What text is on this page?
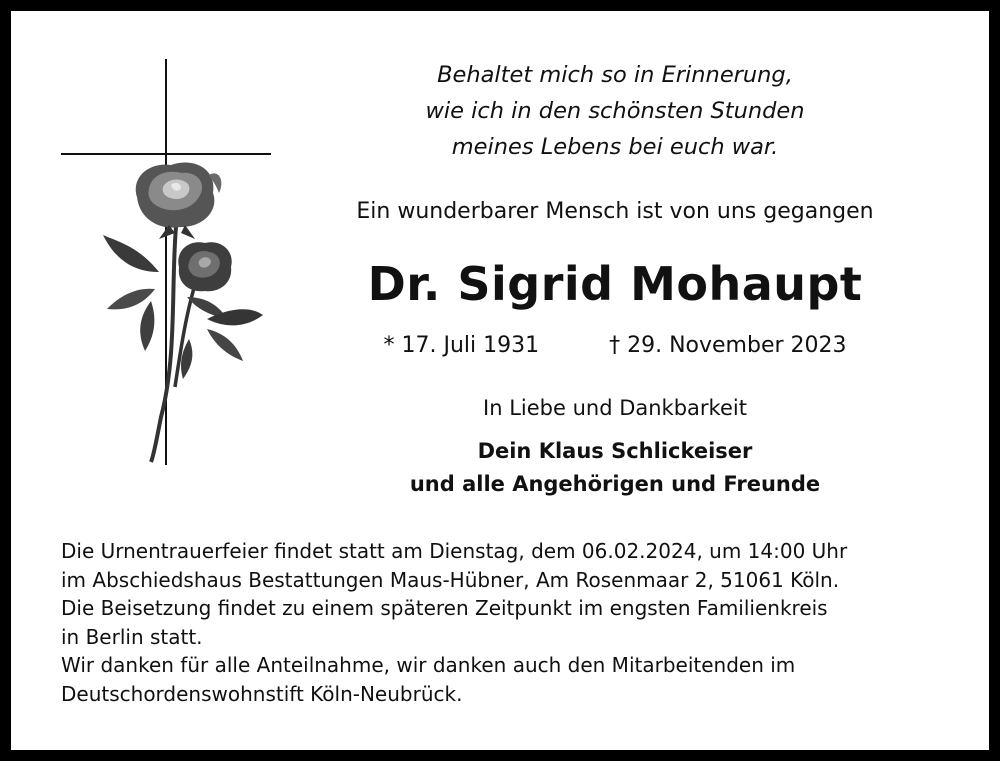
Behaltet mich so in Erinnerung,
wie ich in den schönsten Stunden
meines Lebens bei euch war.
Ein wunderbarer Mensch ist von uns gegangen
Dr. Sigrid Mohaupt
* 17. Juli 1931	† 29. November 2023
In Liebe und Dankbarkeit
Dein Klaus Schlickeiser
und alle Angehörigen und Freunde
Die Urnentrauerfeier findet statt am Dienstag, dem 06.02.2024, um 14:00 Uhr
im Abschiedshaus Bestattungen Maus-Hübner, Am Rosenmaar 2, 51061 Köln.
Die Beisetzung findet zu einem späteren Zeitpunkt im engsten Familienkreis
in Berlin statt.
Wir danken für alle Anteilnahme, wir danken auch den Mitarbeitenden im
Deutschordenswohnstift Köln-Neubrück.
